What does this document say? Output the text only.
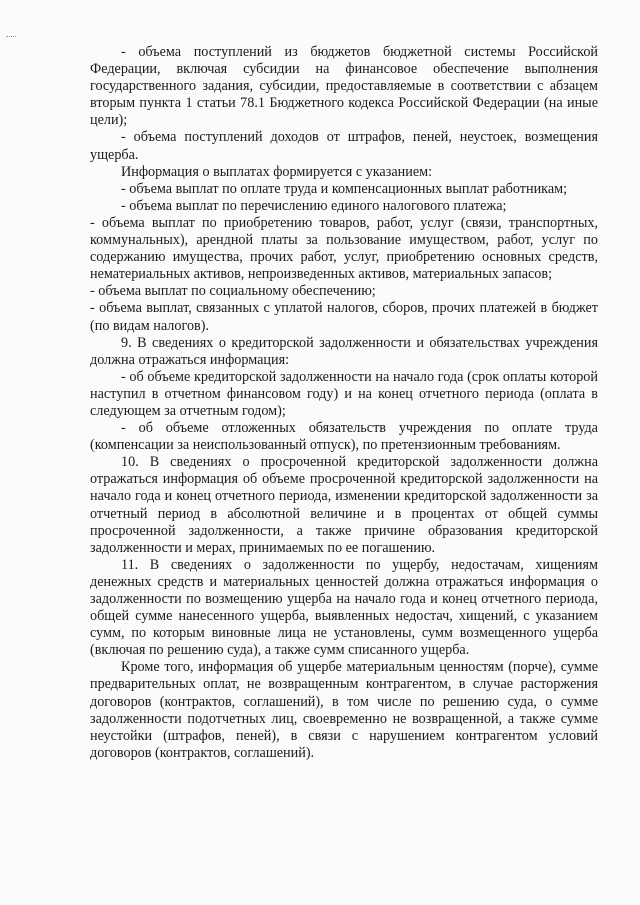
- объема поступлений из бюджетов бюджетной системы Российской Федерации, включая субсидии на финансовое обеспечение выполнения государственного задания, субсидии, предоставляемые в соответствии с абзацем вторым пункта 1 статьи 78.1 Бюджетного кодекса Российской Федерации (на иные цели);

- объема поступлений доходов от штрафов, пеней, неустоек, возмещения ущерба.

Информация о выплатах формируется с указанием:

- объема выплат по оплате труда и компенсационных выплат работникам;

- объема выплат по перечислению единого налогового платежа;

- объема выплат по приобретению товаров, работ, услуг (связи, транспортных, коммунальных), арендной платы за пользование имуществом, работ, услуг по содержанию имущества, прочих работ, услуг, приобретению основных средств, нематериальных активов, непроизведенных активов, материальных запасов;

- объема выплат по социальному обеспечению;

- объема выплат, связанных с уплатой налогов, сборов, прочих платежей в бюджет (по видам налогов).

9. В сведениях о кредиторской задолженности и обязательствах учреждения должна отражаться информация:

- об объеме кредиторской задолженности на начало года (срок оплаты которой наступил в отчетном финансовом году) и на конец отчетного периода (оплата в следующем за отчетным годом);

- об объеме отложенных обязательств учреждения по оплате труда (компенсации за неиспользованный отпуск), по претензионным требованиям.

10. В сведениях о просроченной кредиторской задолженности должна отражаться информация об объеме просроченной кредиторской задолженности на начало года и конец отчетного периода, изменении кредиторской задолженности за отчетный период в абсолютной величине и в процентах от общей суммы просроченной задолженности, а также причине образования кредиторской задолженности и мерах, принимаемых по ее погашению.

11. В сведениях о задолженности по ущербу, недостачам, хищениям денежных средств и материальных ценностей должна отражаться информация о задолженности по возмещению ущерба на начало года и конец отчетного периода, общей сумме нанесенного ущерба, выявленных недостач, хищений, с указанием сумм, по которым виновные лица не установлены, сумм возмещенного ущерба (включая по решению суда), а также сумм списанного ущерба.

Кроме того, информация об ущербе материальным ценностям (порче), сумме предварительных оплат, не возвращенным контрагентом, в случае расторжения договоров (контрактов, соглашений), в том числе по решению суда, о сумме задолженности подотчетных лиц, своевременно не возвращенной, а также сумме неустойки (штрафов, пеней), в связи с нарушением контрагентом условий договоров (контрактов, соглашений).
